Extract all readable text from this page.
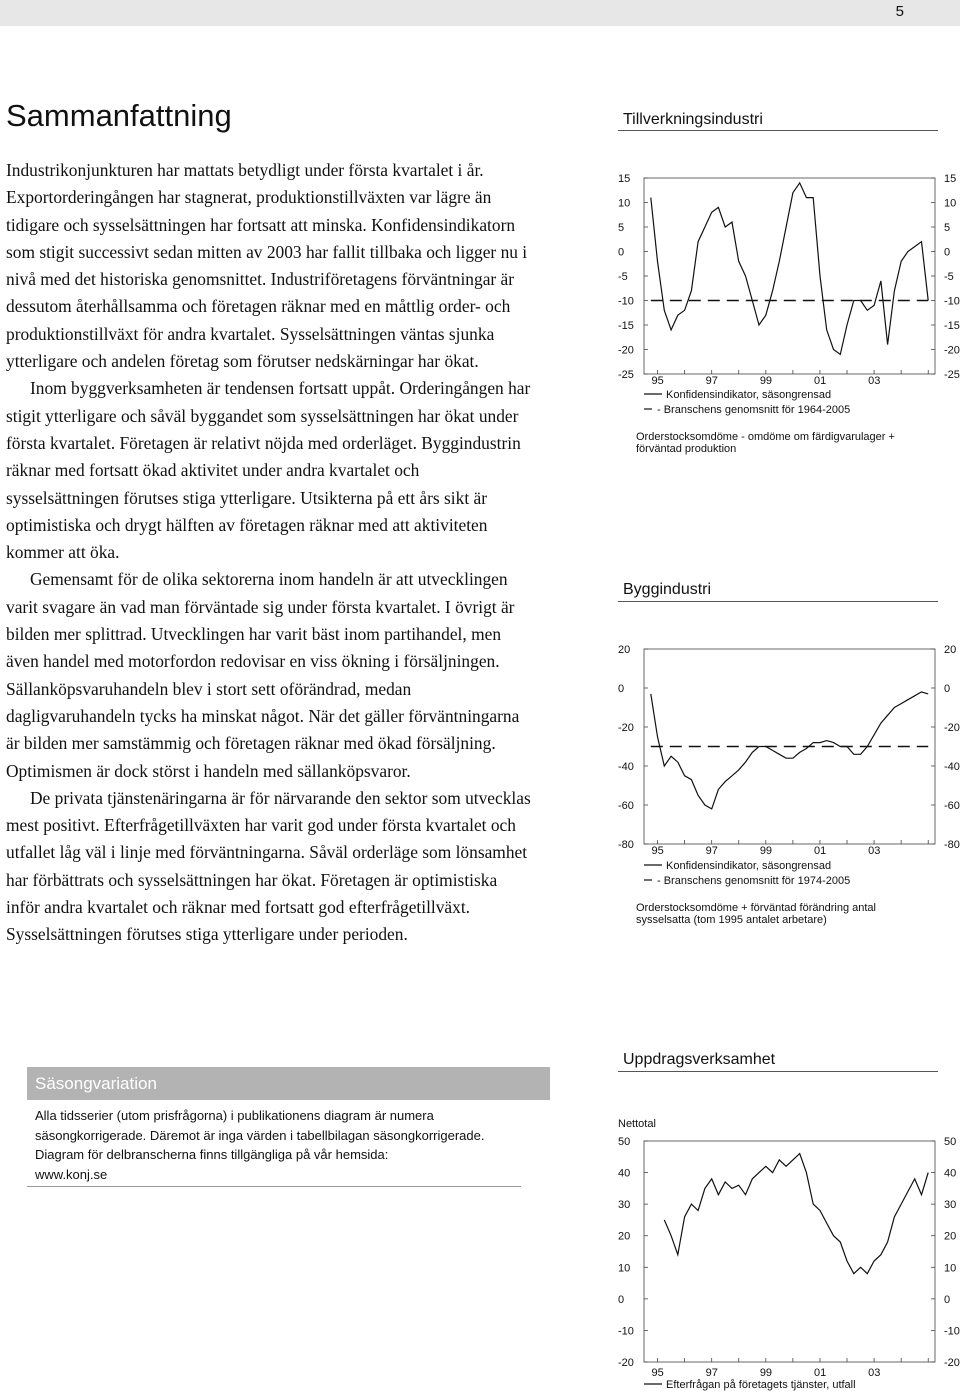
5
Sammanfattning

Industrikonjunkturen har mattats betydligt under första kvartalet i år. Exportorderingången har stagnerat, produktionstillväxten var lägre än tidigare och sysselsättningen har fortsatt att minska. Konfidensindikatorn som stigit successivt sedan mitten av 2003 har fallit tillbaka och ligger nu i nivå med det historiska genomsnittet. Industriföretagens förväntningar är dessutom återhållsamma och företagen räknar med en måttlig order- och produktionstillväxt för andra kvartalet. Sysselsättningen väntas sjunka ytterligare och andelen företag som förutser nedskärningar har ökat.

Inom byggverksamheten är tendensen fortsatt uppåt. Orderingången har stigit ytterligare och såväl byggandet som sysselsättningen har ökat under första kvartalet. Företagen är relativt nöjda med orderläget. Byggindustrin räknar med fortsatt ökad aktivitet under andra kvartalet och sysselsättningen förutses stiga ytterligare. Utsikterna på ett års sikt är optimistiska och drygt hälften av företagen räknar med att aktiviteten kommer att öka.

Gemensamt för de olika sektorerna inom handeln är att utvecklingen varit svagare än vad man förväntade sig under första kvartalet. I övrigt är bilden mer splittrad. Utvecklingen har varit bäst inom partihandel, men även handel med motorfordon redovisar en viss ökning i försäljningen. Sällanköpsvaruhandeln blev i stort sett oförändrad, medan dagligvaruhandeln tycks ha minskat något. När det gäller förväntningarna är bilden mer samstämmig och företagen räknar med ökad försäljning. Optimismen är dock störst i handeln med sällanköpsvaror.

De privata tjänstenäringarna är för närvarande den sektor som utvecklas mest positivt. Efterfrågetillväxten har varit god under första kvartalet och utfallet låg väl i linje med förväntningarna. Såväl orderläge som lönsamhet har förbättrats och sysselsättningen har ökat. Företagen är optimistiska inför andra kvartalet och räknar med fortsatt god efterfrågetillväxt. Sysselsättningen förutses stiga ytterligare under perioden.

Säsongvariation
Alla tidsserier (utom prisfrågorna) i publikationens diagram är numera säsongkorrigerade. Däremot är inga värden i tabellbilagan säsongkorrigerade. Diagram för delbranscherna finns tillgängliga på vår hemsida:
www.konj.se
Tillverkningsindustri
Byggindustri
Uppdragsverksamhet
15	15
10	10
5	5
0	0
-5	-5
-10	-10
-15	-15
-20	-20
-25	-25
95	97	99	01	03
Konfidensindikator, säsongrensad
- Branschens genomsnitt för 1964-2005
Orderstocksomdöme - omdöme om färdigvarulager +
förväntad produktion
20	20
0	0
-20	-20
-40	-40
-60	-60
-80	-80
95	97	99	01	03
Konfidensindikator, säsongrensad
- Branschens genomsnitt för 1974-2005
Orderstocksomdöme + förväntad förändring antal
sysselsatta (tom 1995 antalet arbetare)
50	50
40	40
30	30
20	20
10	10
0	0
-10	-10
-20	-20
95	97	99	01	03
Efterfrågan på företagets tjänster, utfall
Nettotal
